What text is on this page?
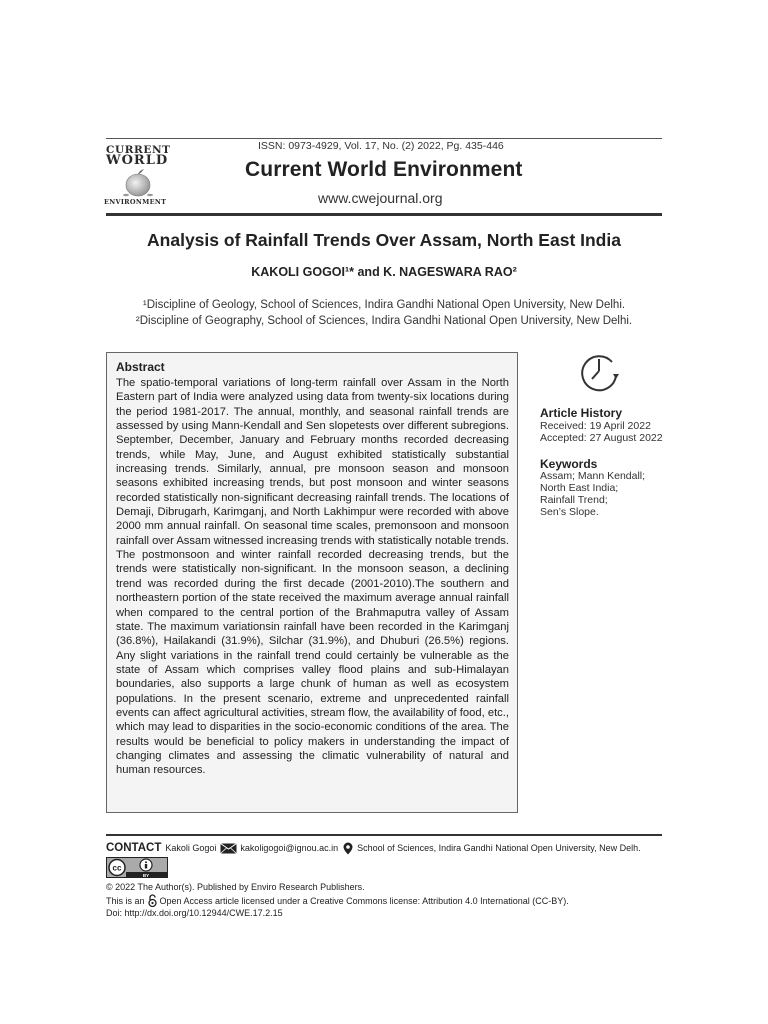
CURRENT
WORLD
ENVIRONMENT
ISSN: 0973-4929, Vol. 17, No. (2) 2022, Pg. 435-446
Current World Environment
www.cwejournal.org
Analysis of Rainfall Trends Over Assam, North East India
KAKOLI GOGOI¹* and K. NAGESWARA RAO²
¹Discipline of Geology, School of Sciences, Indira Gandhi National Open University, New Delhi.
²Discipline of Geography, School of Sciences, Indira Gandhi National Open University, New Delhi.
Abstract
The spatio-temporal variations of long-term rainfall over Assam in the North Eastern part of India were analyzed using data from twenty-six locations during the period 1981-2017. The annual, monthly, and seasonal rainfall trends are assessed by using Mann-Kendall and Sen slopetests over different subregions. September, December, January and February months recorded decreasing trends, while May, June, and August exhibited statistically substantial increasing trends. Similarly, annual, pre monsoon season and monsoon seasons exhibited increasing trends, but post monsoon and winter seasons recorded statistically non-significant decreasing rainfall trends. The locations of Demaji, Dibrugarh, Karimganj, and North Lakhimpur were recorded with above 2000 mm annual rainfall. On seasonal time scales, premonsoon and monsoon rainfall over Assam witnessed increasing trends with statistically notable trends. The postmonsoon and winter rainfall recorded decreasing trends, but the trends were statistically non-significant. In the monsoon season, a declining trend was recorded during the first decade (2001-2010).The southern and northeastern portion of the state received the maximum average annual rainfall when compared to the central portion of the Brahmaputra valley of Assam state. The maximum variationsin rainfall have been recorded in the Karimganj (36.8%), Hailakandi (31.9%), Silchar (31.9%), and Dhuburi (26.5%) regions. Any slight variations in the rainfall trend could certainly be vulnerable as the state of Assam which comprises valley flood plains and sub-Himalayan boundaries, also supports a large chunk of human as well as ecosystem populations. In the present scenario, extreme and unprecedented rainfall events can affect agricultural activities, stream flow, the availability of food, etc., which may lead to disparities in the socio-economic conditions of the area. The results would be beneficial to policy makers in understanding the impact of changing climates and assessing the climatic vulnerability of natural and human resources.
Article History
Received: 19 April 2022
Accepted: 27 August 2022
Keywords
Assam; Mann Kendall;
North East India;
Rainfall Trend;
Sen’s Slope.
CONTACT Kakoli Gogoi	kakoligogoi@ignou.ac.in School of Sciences, Indira Gandhi National Open University, New Delh.
cc
BY
© 2022 The Author(s). Published by Enviro Research Publishers.
This is an Open Access article licensed under a Creative Commons license: Attribution 4.0 International (CC-BY).
Doi: http://dx.doi.org/10.12944/CWE.17.2.15
